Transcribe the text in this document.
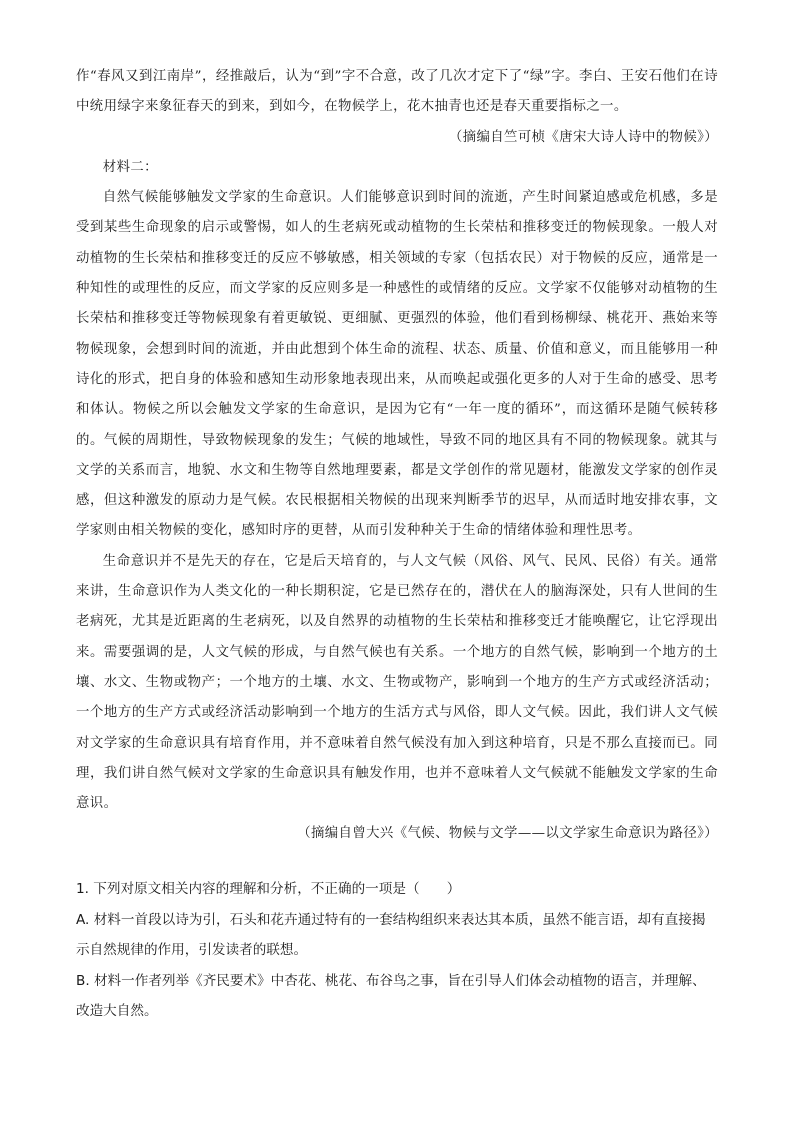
作“春风又到江南岸”，经推敲后，认为“到”字不合意，改了几次才定下了“绿”字。李白、王安石他们在诗中统用绿字来象征春天的到来，到如今，在物候学上，花木抽青也还是春天重要指标之一。

（摘编自竺可桢《唐宋大诗人诗中的物候》）

材料二：

自然气候能够触发文学家的生命意识。人们能够意识到时间的流逝，产生时间紧迫感或危机感，多是受到某些生命现象的启示或警惕，如人的生老病死或动植物的生长荣枯和推移变迁的物候现象。一般人对动植物的生长荣枯和推移变迁的反应不够敏感，相关领域的专家（包括农民）对于物候的反应，通常是一种知性的或理性的反应，而文学家的反应则多是一种感性的或情绪的反应。文学家不仅能够对动植物的生长荣枯和推移变迁等物候现象有着更敏锐、更细腻、更强烈的体验，他们看到杨柳绿、桃花开、燕始来等物候现象，会想到时间的流逝，并由此想到个体生命的流程、状态、质量、价值和意义，而且能够用一种诗化的形式，把自身的体验和感知生动形象地表现出来，从而唤起或强化更多的人对于生命的感受、思考和体认。物候之所以会触发文学家的生命意识，是因为它有“一年一度的循环”，而这循环是随气候转移的。气候的周期性，导致物候现象的发生；气候的地域性，导致不同的地区具有不同的物候现象。就其与文学的关系而言，地貌、水文和生物等自然地理要素，都是文学创作的常见题材，能激发文学家的创作灵感，但这种激发的原动力是气候。农民根据相关物候的出现来判断季节的迟早，从而适时地安排农事，文学家则由相关物候的变化，感知时序的更替，从而引发种种关于生命的情绪体验和理性思考。

生命意识并不是先天的存在，它是后天培育的，与人文气候（风俗、风气、民风、民俗）有关。通常来讲，生命意识作为人类文化的一种长期积淀，它是已然存在的，潜伏在人的脑海深处，只有人世间的生老病死，尤其是近距离的生老病死，以及自然界的动植物的生长荣枯和推移变迁才能唤醒它，让它浮现出来。需要强调的是，人文气候的形成，与自然气候也有关系。一个地方的自然气候，影响到一个地方的土壤、水文、生物或物产；一个地方的土壤、水文、生物或物产，影响到一个地方的生产方式或经济活动；一个地方的生产方式或经济活动影响到一个地方的生活方式与风俗，即人文气候。因此，我们讲人文气候对文学家的生命意识具有培育作用，并不意味着自然气候没有加入到这种培育，只是不那么直接而已。同理，我们讲自然气候对文学家的生命意识具有触发作用，也并不意味着人文气候就不能触发文学家的生命意识。

（摘编自曾大兴《气候、物候与文学——以文学家生命意识为路径》）

1. 下列对原文相关内容的理解和分析，不正确的一项是（　　）

A. 材料一首段以诗为引，石头和花卉通过特有的一套结构组织来表达其本质，虽然不能言语，却有直接揭示自然规律的作用，引发读者的联想。

B. 材料一作者列举《齐民要术》中杏花、桃花、布谷鸟之事，旨在引导人们体会动植物的语言，并理解、改造大自然。
